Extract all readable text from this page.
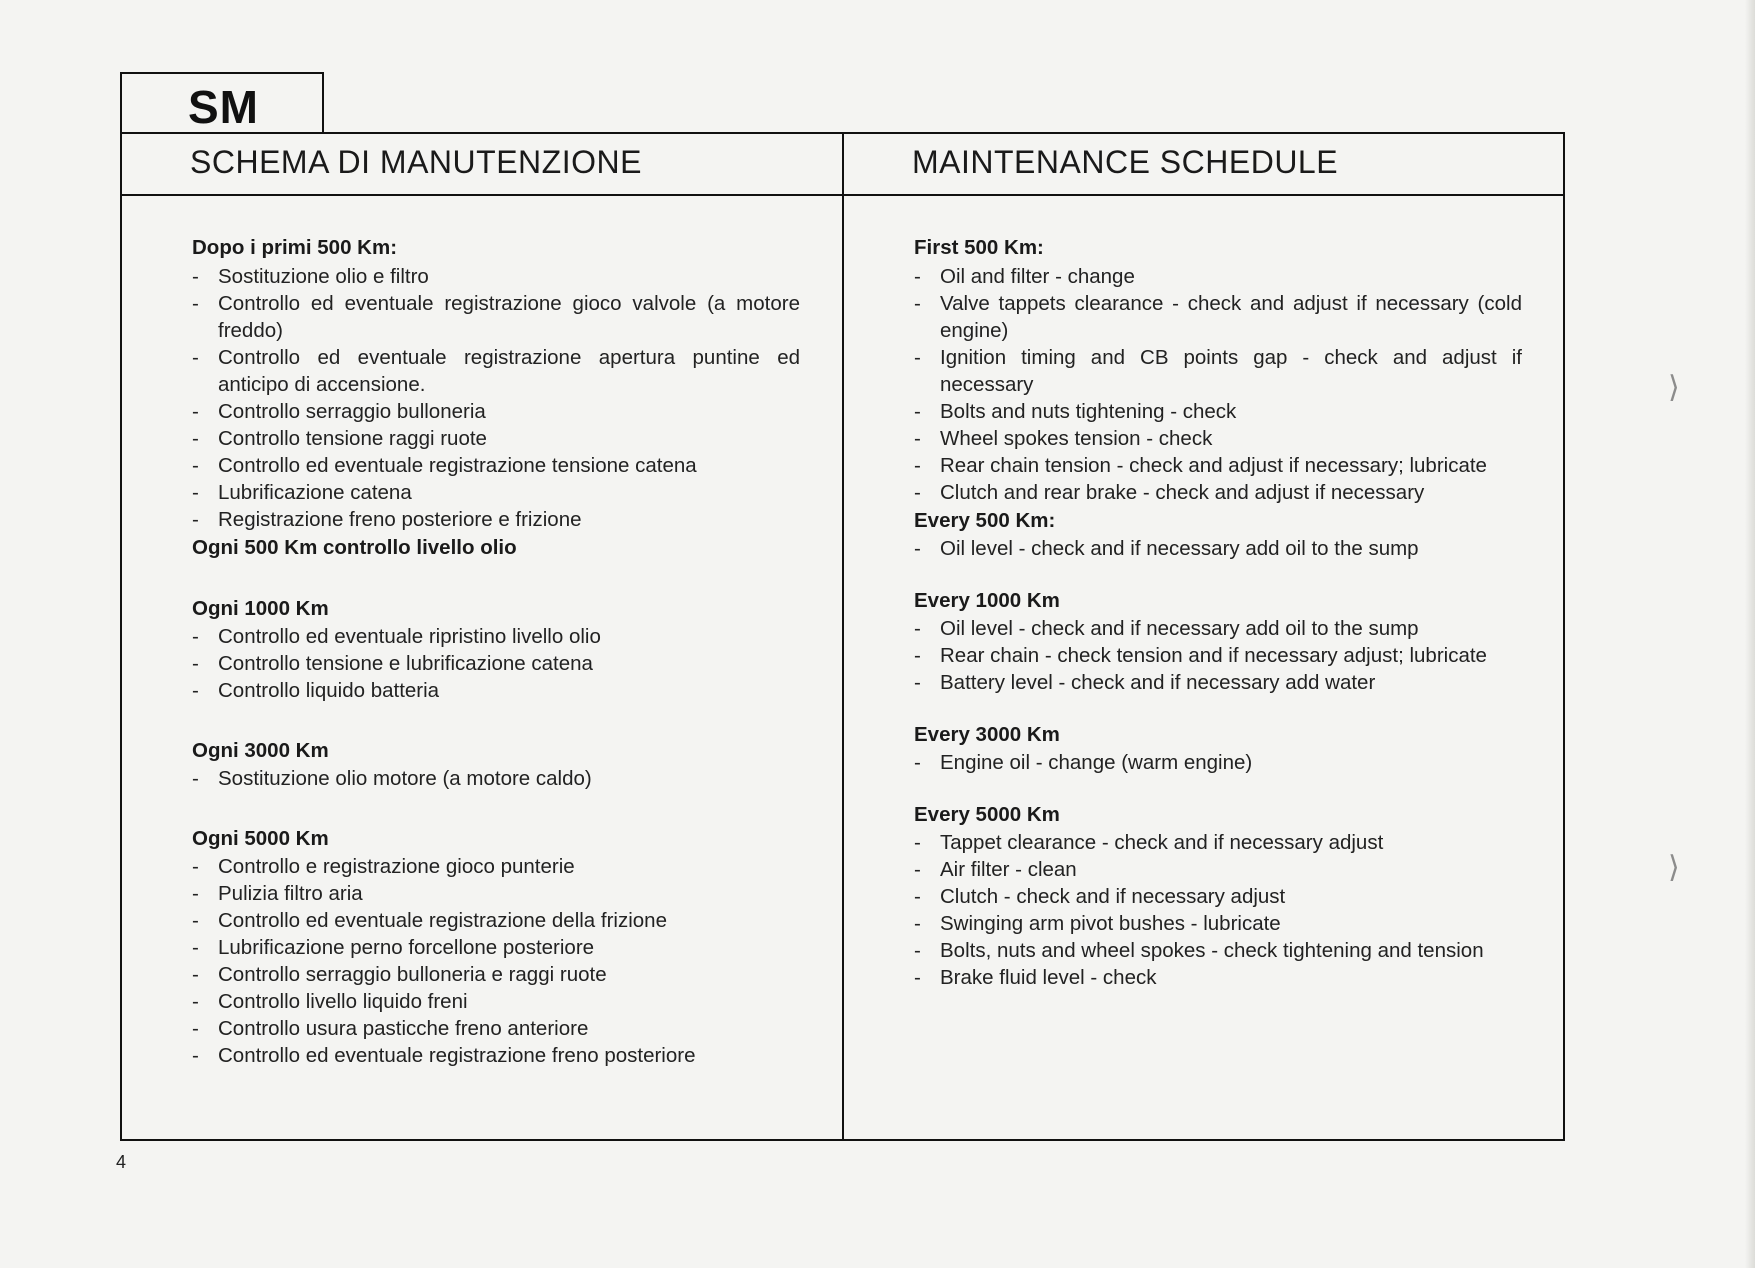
SM
SCHEMA DI MANUTENZIONE	MAINTENANCE SCHEDULE
Dopo i primi 500 Km:
- Sostituzione olio e filtro
- Controllo ed eventuale registrazione gioco valvole (a motore freddo)
- Controllo ed eventuale registrazione apertura puntine ed anticipo di accensione.
- Controllo serraggio bulloneria
- Controllo tensione raggi ruote
- Controllo ed eventuale registrazione tensione catena
- Lubrificazione catena
- Registrazione freno posteriore e frizione
Ogni 500 Km controllo livello olio
Ogni 1000 Km
- Controllo ed eventuale ripristino livello olio
- Controllo tensione e lubrificazione catena
- Controllo liquido batteria
Ogni 3000 Km
- Sostituzione olio motore (a motore caldo)
Ogni 5000 Km
- Controllo e registrazione gioco punterie
- Pulizia filtro aria
- Controllo ed eventuale registrazione della frizione
- Lubrificazione perno forcellone posteriore
- Controllo serraggio bulloneria e raggi ruote
- Controllo livello liquido freni
- Controllo usura pasticche freno anteriore
- Controllo ed eventuale registrazione freno posteriore
First 500 Km:
- Oil and filter - change
- Valve tappets clearance - check and adjust if necessary (cold engine)
- Ignition timing and CB points gap - check and adjust if necessary
- Bolts and nuts tightening - check
- Wheel spokes tension - check
- Rear chain tension - check and adjust if necessary; lubricate
- Clutch and rear brake - check and adjust if necessary
Every 500 Km:
- Oil level - check and if necessary add oil to the sump
Every 1000 Km
- Oil level - check and if necessary add oil to the sump
- Rear chain - check tension and if necessary adjust; lubricate
- Battery level - check and if necessary add water
Every 3000 Km
- Engine oil - change (warm engine)
Every 5000 Km
- Tappet clearance - check and if necessary adjust
- Air filter - clean
- Clutch - check and if necessary adjust
- Swinging arm pivot bushes - lubricate
- Bolts, nuts and wheel spokes - check tightening and tension
- Brake fluid level - check
4
⟩
⟩
